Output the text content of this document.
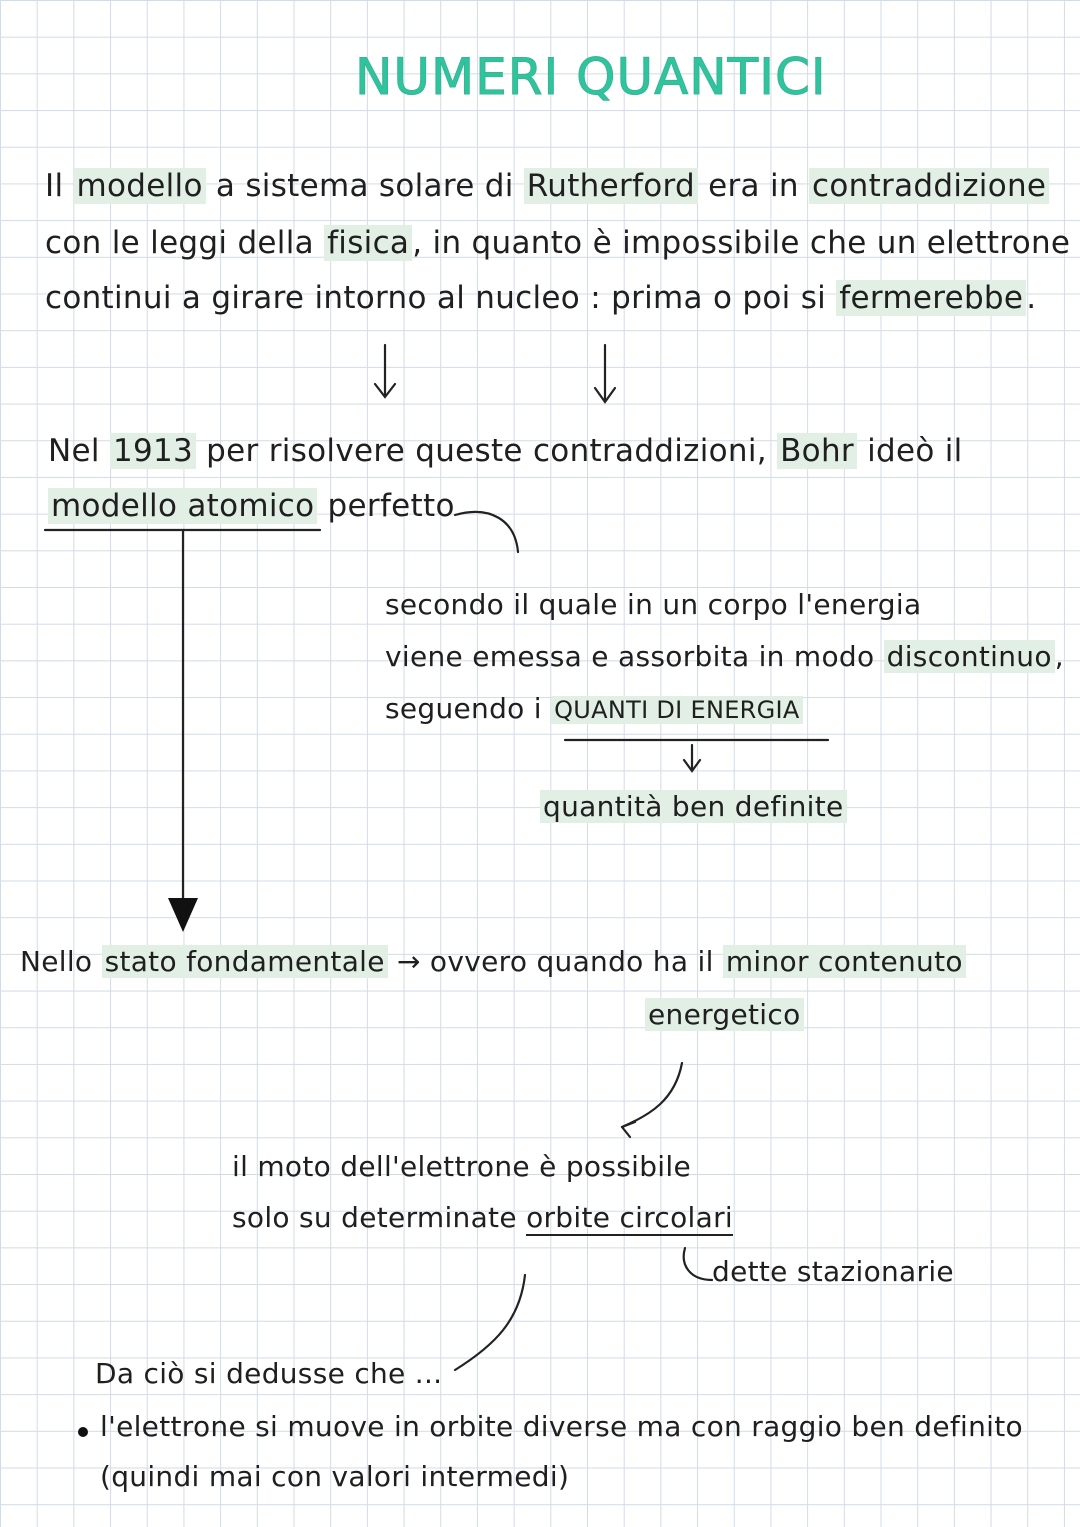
NUMERI QUANTICI
Il modello a sistema solare di Rutherford era in contraddizione
con le leggi della fisica, in quanto è impossibile che un elettrone
continui a girare intorno al nucleo : prima o poi si fermerebbe.
Nel 1913 per risolvere queste contraddizioni, Bohr ideò il
modello atomico perfetto
secondo il quale in un corpo l'energia
viene emessa e assorbita in modo discontinuo ,
seguendo i QUANTI DI ENERGIA
quantità ben definite
Nello stato fondamentale → ovvero quando ha il minor contenuto
energetico
il moto dell'elettrone è possibile
solo su determinate orbite circolari
dette stazionarie
Da ciò si dedusse che ...
l'elettrone si muove in orbite diverse ma con raggio ben definito
(quindi mai con valori intermedi)
